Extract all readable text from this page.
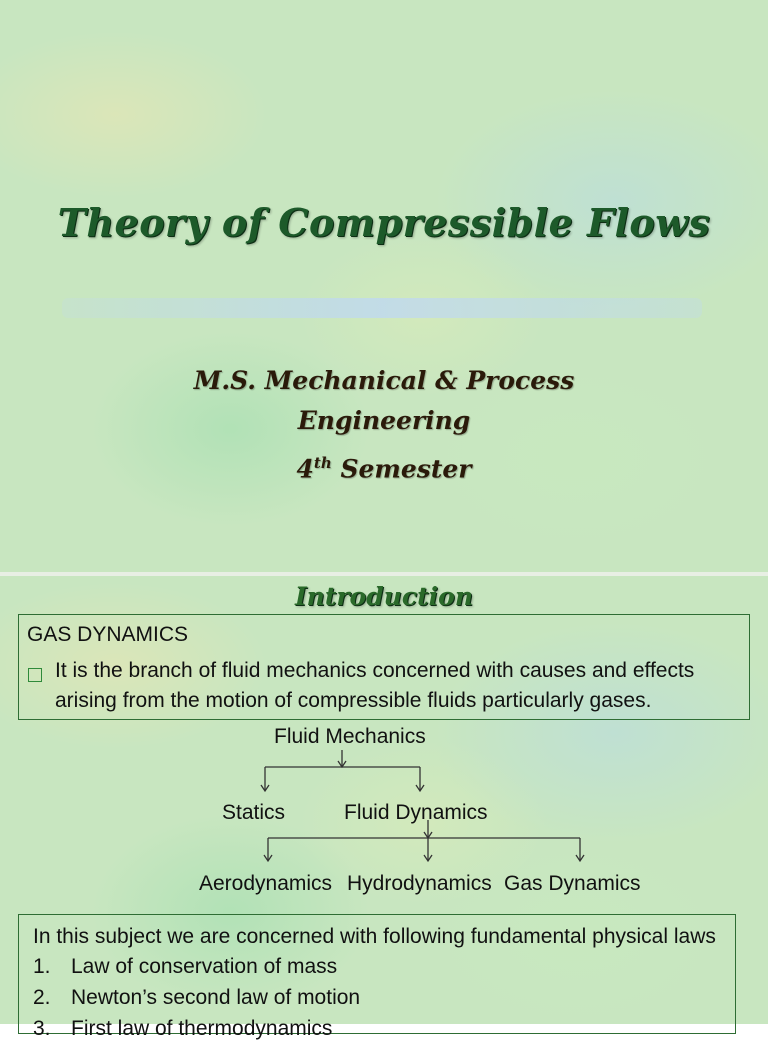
Theory of Compressible Flows
M.S. Mechanical & Process
Engineering
4th Semester
Introduction
GAS DYNAMICS
It is the branch of fluid mechanics concerned with causes and effects
arising from the motion of compressible fluids particularly gases.
Fluid Mechanics
Statics	Fluid Dynamics
Aerodynamics Hydrodynamics Gas Dynamics
In this subject we are concerned with following fundamental physical laws
1. Law of conservation of mass
2. Newton’s second law of motion
3. First law of thermodynamics
